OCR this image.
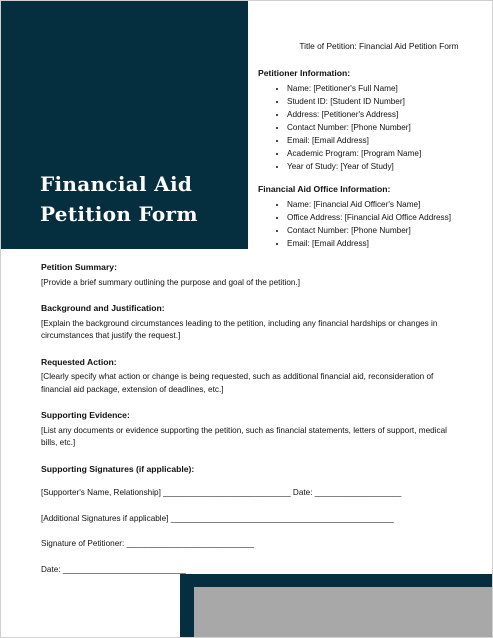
Financial Aid
Petition Form
Title of Petition: Financial Aid Petition Form
Petitioner Information:
• Name: [Petitioner's Full Name]
• Student ID: [Student ID Number]
• Address: [Petitioner's Address]
• Contact Number: [Phone Number]
• Email: [Email Address]
• Academic Program: [Program Name]
• Year of Study: [Year of Study]
Financial Aid Office Information:
• Name: [Financial Aid Officer's Name]
• Office Address: [Financial Aid Office Address]
• Contact Number: [Phone Number]
• Email: [Email Address]
Petition Summary:
[Provide a brief summary outlining the purpose and goal of the petition.]
Background and Justification:
[Explain the background circumstances leading to the petition, including any financial hardships or changes in circumstances that justify the request.]
Requested Action:
[Clearly specify what action or change is being requested, such as additional financial aid, reconsideration of financial aid package, extension of deadlines, etc.]
Supporting Evidence:
[List any documents or evidence supporting the petition, such as financial statements, letters of support, medical bills, etc.]
Supporting Signatures (if applicable):
[Supporter's Name, Relationship] ____________________________ Date: ___________________
[Additional Signatures if applicable] _________________________________________________
Signature of Petitioner: ____________________________
Date: ___________________________
